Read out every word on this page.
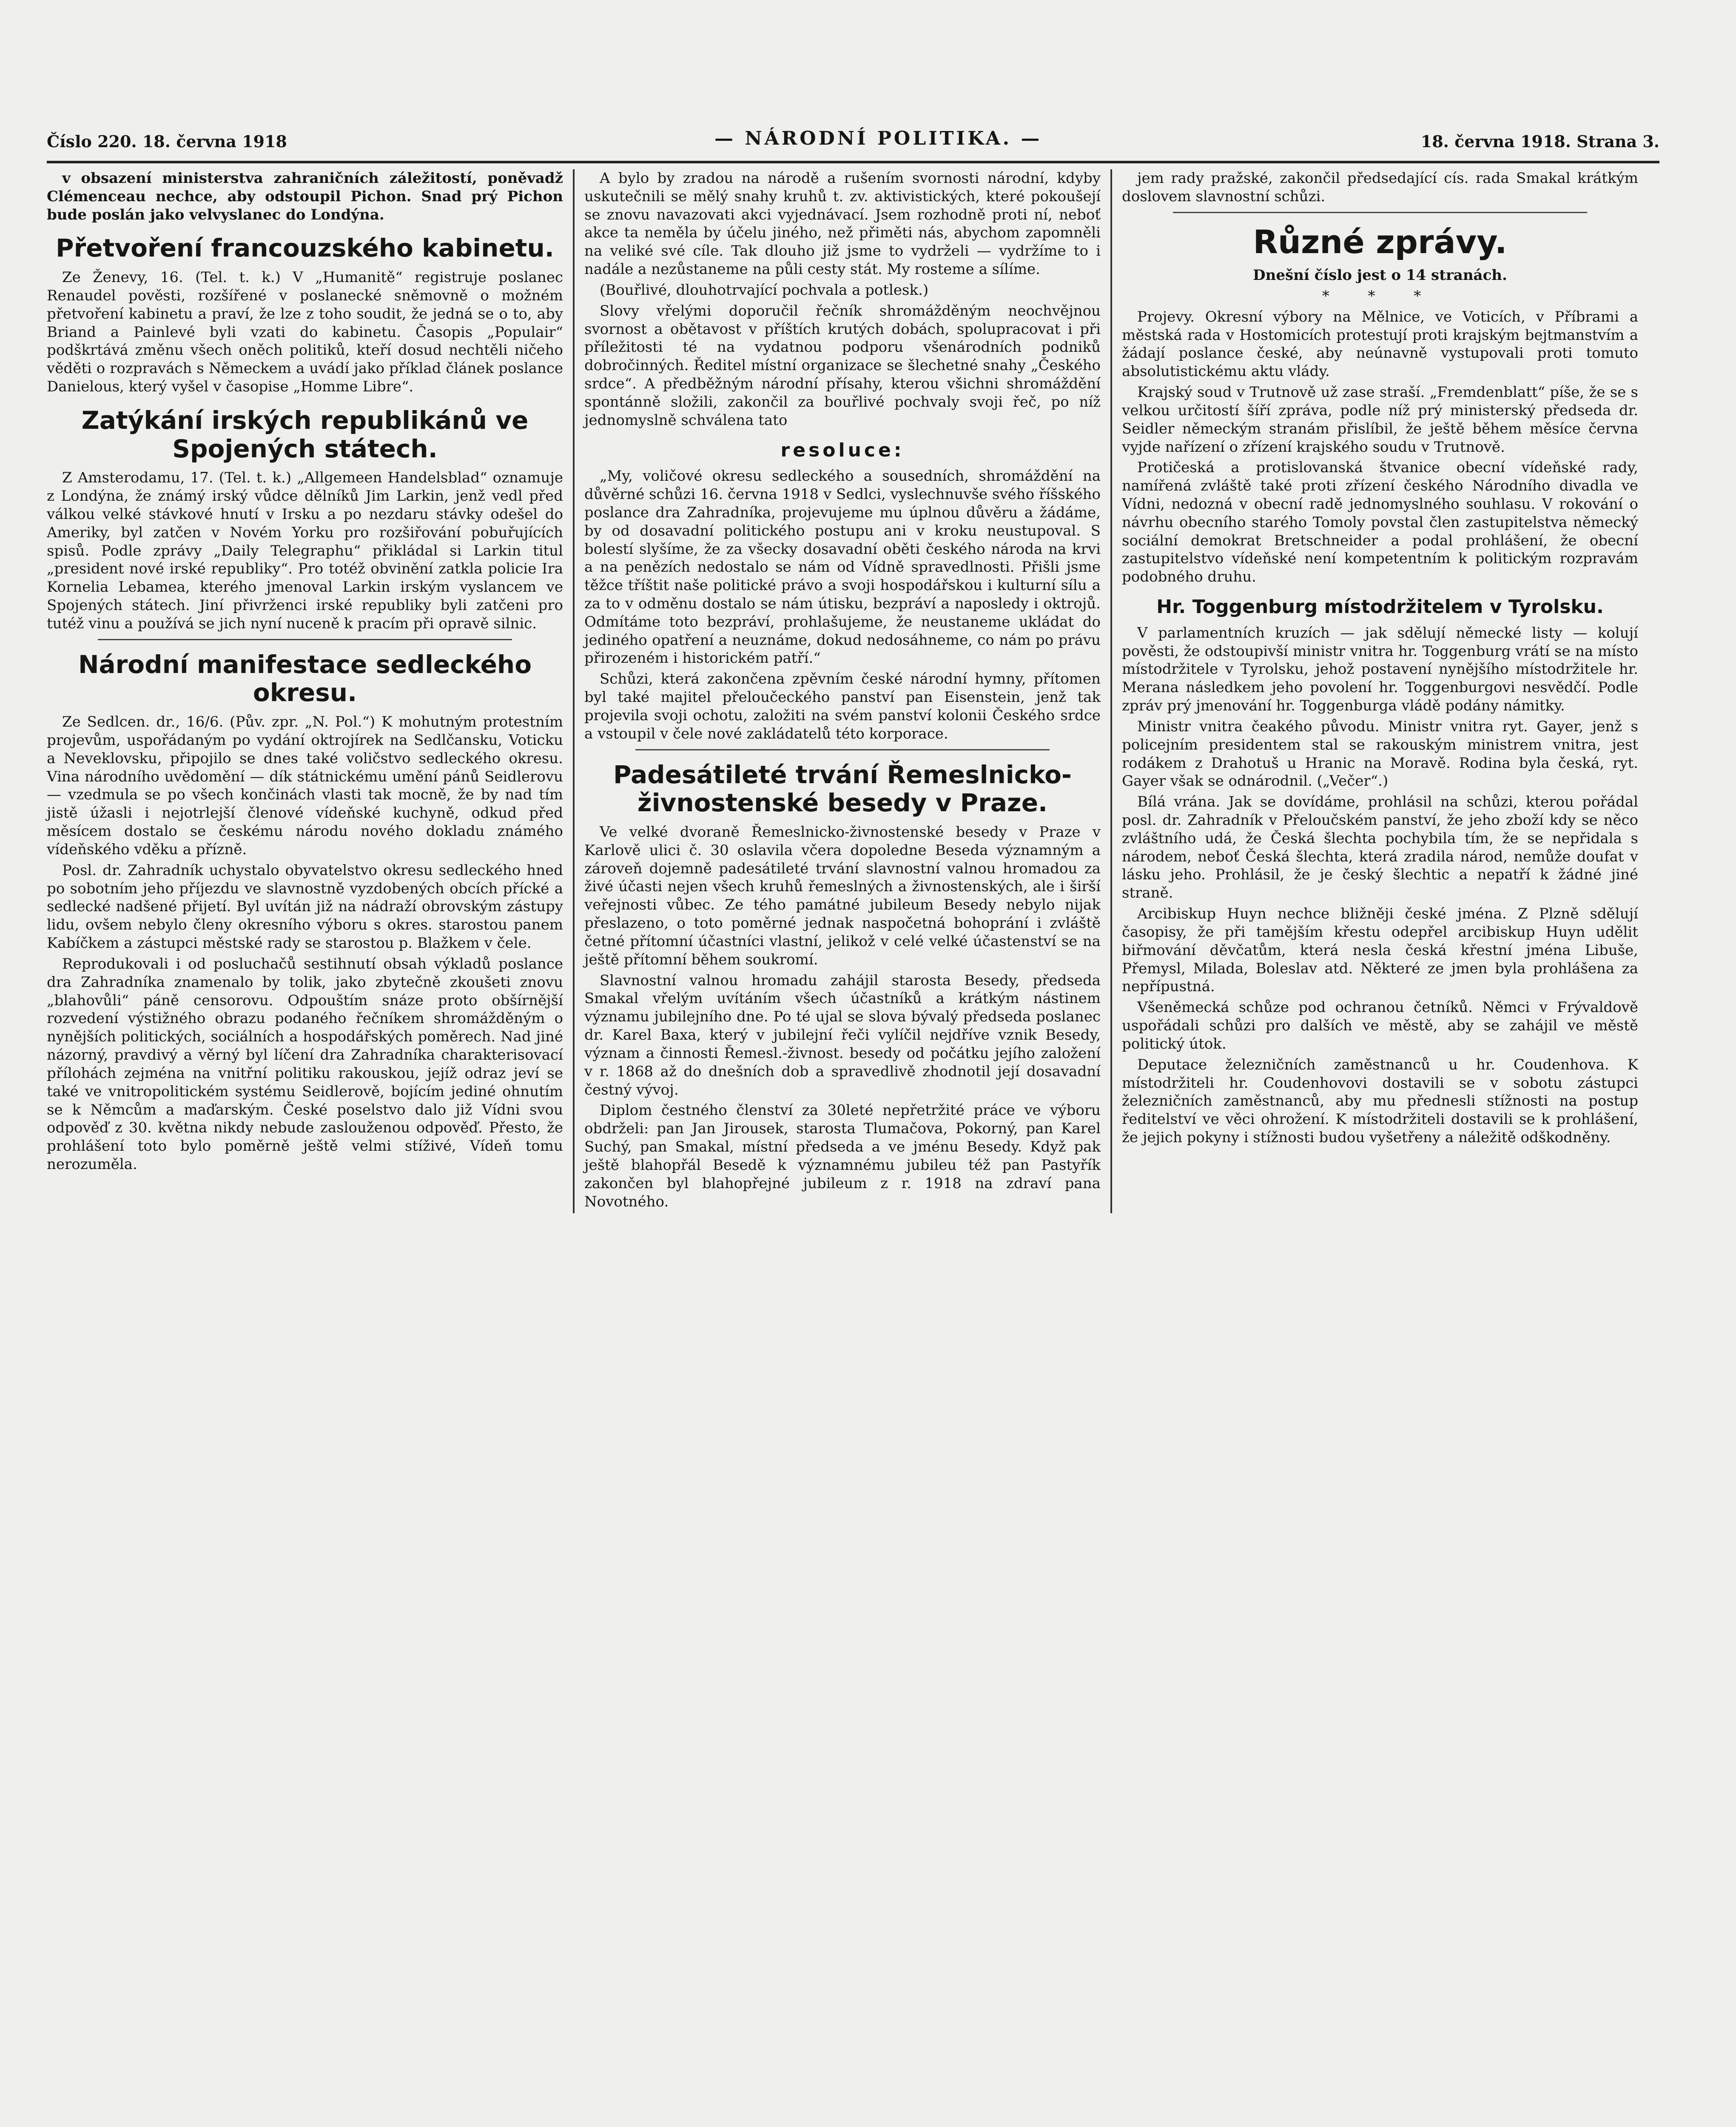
Číslo 220. 18. června 1918	— NÁRODNÍ POLITIKA. —	18. června 1918. Strana 3.

v obsazení ministerstva zahraničních záležitostí, poněvadž Clémenceau nechce, aby odstoupil Pichon. Snad prý Pichon bude poslán jako velvyslanec do Londýna.

Přetvoření francouzského kabinetu.

Ze Ženevy, 16. (Tel. t. k.) V „Humanitě“ registruje poslanec Renaudel pověsti, rozšířené v poslanecké sněmovně o možném přetvoření kabinetu a praví, že lze z toho soudit, že jedná se o to, aby Briand a Painlevé byli vzati do kabinetu. Časopis „Populair“ podškrtává změnu všech oněch politiků, kteří dosud nechtěli ničeho věděti o rozpravách s Německem a uvádí jako příklad článek poslance Danielous, který vyšel v časopise „Homme Libre“.

Zatýkání irských republikánů ve Spojených státech.

Z Amsterodamu, 17. (Tel. t. k.) „Allgemeen Handelsblad“ oznamuje z Londýna, že známý irský vůdce dělníků Jim Larkin, jenž vedl před válkou velké stávkové hnutí v Irsku a po nezdaru stávky odešel do Ameriky, byl zatčen v Novém Yorku pro rozšiřování pobuřujících spisů. Podle zprávy „Daily Telegraphu“ přikládal si Larkin titul „president nové irské republiky“. Pro totéž obvinění zatkla policie Ira Kornelia Lebamea, kterého jmenoval Larkin irským vyslancem ve Spojených státech. Jiní přivrženci irské republiky byli zatčeni pro tutéž vinu a používá se jich nyní nuceně k pracím při opravě silnic.

Národní manifestace sedleckého okresu.

Ze Sedlcen. dr., 16/6. (Pův. zpr. „N. Pol.“) K mohutným protestním projevům, uspořádaným po vydání oktrojírek na Sedlčansku, Voticku a Neveklovsku, připojilo se dnes také voličstvo sedleckého okresu. Vina národního uvědomění — dík státnickému umění pánů Seidlerovu — vzedmula se po všech končinách vlasti tak mocně, že by nad tím jistě úžasli i nejotrlejší členové vídeňské kuchyně, odkud před měsícem dostalo se českému národu nového dokladu známého vídeňského vděku a přízně.

Posl. dr. Zahradník uchystalo obyvatelstvo okresu sedleckého hned po sobotním jeho příjezdu ve slavnostně vyzdobených obcích přícké a sedlecké nadšené přijetí. Byl uvítán již na nádraží obrovským zástupy lidu, ovšem nebylo členy okresního výboru s okres. starostou panem Kabíčkem a zástupci městské rady se starostou p. Blažkem v čele.

Reprodukovali i od posluchačů sestihnutí obsah výkladů poslance dra Zahradníka znamenalo by tolik, jako zbytečně zkoušeti znovu „blahovůli“ páně censorovu. Odpouštím snáze proto obšírnější rozvedení výstižného obrazu podaného řečníkem shromážděným o nynějších politických, sociálních a hospodářských poměrech. Nad jiné názorný, pravdivý a věrný byl líčení dra Zahradníka charakterisovací přílohách zejména na vnitřní politiku rakouskou, jejíž odraz jeví se také ve vnitropolitickém systému Seidlerově, bojícím jediné ohnutím se k Němcům a maďarským. České poselstvo dalo již Vídni svou odpověď z 30. května nikdy nebude zaslouženou odpověď. Přesto, že prohlášení toto bylo poměrně ještě velmi stíživé, Vídeň tomu nerozuměla.

A bylo by zradou na národě a rušením svornosti národní, kdyby uskutečnili se mělý snahy kruhů t. zv. aktivistických, které pokoušejí se znovu navazovati akci vyjednávací. Jsem rozhodně proti ní, neboť akce ta neměla by účelu jiného, než přiměti nás, abychom zapomněli na veliké své cíle. Tak dlouho již jsme to vydrželi — vydržíme to i nadále a nezůstaneme na půli cesty stát. My rosteme a sílíme.

(Bouřlivé, dlouhotrvající pochvala a potlesk.)

Slovy vřelými doporučil řečník shromážděným neochvějnou svornost a obětavost v příštích krutých dobách, spolupracovat i při příležitosti té na vydatnou podporu všenárodních podniků dobročinných. Ředitel místní organizace se šlechetné snahy „Českého srdce“. A předběžným národní přísahy, kterou všichni shromáždění spontánně složili, zakončil za bouřlivé pochvaly svoji řeč, po níž jednomyslně schválena tato

resoluce:

„My, voličové okresu sedleckého a sousedních, shromáždění na důvěrné schůzi 16. června 1918 v Sedlci, vyslechnuvše svého říšského poslance dra Zahradníka, projevujeme mu úplnou důvěru a žádáme, by od dosavadní politického postupu ani v kroku neustupoval. S bolestí slyšíme, že za všecky dosavadní oběti českého národa na krvi a na penězích nedostalo se nám od Vídně spravedlnosti. Přišli jsme těžce tříštit naše politické právo a svoji hospodářskou i kulturní sílu a za to v odměnu dostalo se nám útisku, bezpráví a naposledy i oktrojů. Odmítáme toto bezpráví, prohlašujeme, že neustaneme ukládat do jediného opatření a neuznáme, dokud nedosáhneme, co nám po právu přirozeném i historickém patří.“

Schůzi, která zakončena zpěvním české národní hymny, přítomen byl také majitel přeloučeckého panství pan Eisenstein, jenž tak projevila svoji ochotu, založiti na svém panství kolonii Českého srdce a vstoupil v čele nové zakládatelů této korporace.

Padesátileté trvání Řemeslnicko-živnostenské besedy v Praze.

Ve velké dvoraně Řemeslnicko-živnostenské besedy v Praze v Karlově ulici č. 30 oslavila včera dopoledne Beseda významným a zároveň dojemně padesátileté trvání slavnostní valnou hromadou za živé účasti nejen všech kruhů řemeslných a živnostenských, ale i širší veřejnosti vůbec. Ze tého památné jubileum Besedy nebylo nijak přeslazeno, o toto poměrné jednak naspočetná bohoprání i zvláště četné přítomní účastníci vlastní, jelikož v celé velké účastenství se na ještě přítomní během soukromí.

Slavnostní valnou hromadu zahájil starosta Besedy, předseda Smakal vřelým uvítáním všech účastníků a krátkým nástinem významu jubilejního dne. Po té ujal se slova bývalý předseda poslanec dr. Karel Baxa, který v jubilejní řeči vylíčil nejdříve vznik Besedy, význam a činnosti Řemesl.-živnost. besedy od počátku jejího založení v r. 1868 až do dnešních dob a spravedlivě zhodnotil její dosavadní čestný vývoj.

Diplom čestného členství za 30leté nepřetržité práce ve výboru obdrželi: pan Jan Jirousek, starosta Tlumačova, Pokorný, pan Karel Suchý, pan Smakal, místní předseda a ve jménu Besedy. Když pak ještě blahopřál Besedě k významnému jubileu též pan Pastyřík zakončen byl blahopřejné jubileum z r. 1918 na zdraví pana Novotného.

jem rady pražské, zakončil předsedající cís. rada Smakal krátkým doslovem slavnostní schůzi.

Různé zprávy.
Dnešní číslo jest o 14 stranách.
* * *

Projevy. Okresní výbory na Mělnice, ve Voticích, v Příbrami a městská rada v Hostomicích protestují proti krajským bejtmanstvím a žádají poslance české, aby neúnavně vystupovali proti tomuto absolutistickému aktu vlády.

Krajský soud v Trutnově už zase straší. „Fremdenblatt“ píše, že se s velkou určitostí šíří zpráva, podle níž prý ministerský předseda dr. Seidler německým stranám přislíbil, že ještě během měsíce června vyjde nařízení o zřízení krajského soudu v Trutnově.

Protičeská a protislovanská štvanice obecní vídeňské rady, namířená zvláště také proti zřízení českého Národního divadla ve Vídni, nedozná v obecní radě jednomyslného souhlasu. V rokování o návrhu obecního starého Tomoly povstal člen zastupitelstva německý sociální demokrat Bretschneider a podal prohlášení, že obecní zastupitelstvo vídeňské není kompetentním k politickým rozpravám podobného druhu.

Hr. Toggenburg místodržitelem v Tyrolsku.

V parlamentních kruzích — jak sdělují německé listy — kolují pověsti, že odstoupivší ministr vnitra hr. Toggenburg vrátí se na místo místodržitele v Tyrolsku, jehož postavení nynějšího místodržitele hr. Merana následkem jeho povolení hr. Toggenburgovi nesvědčí. Podle zpráv prý jmenování hr. Toggenburga vládě podány námitky.

Ministr vnitra čeakého původu. Ministr vnitra ryt. Gayer, jenž s policejním presidentem stal se rakouským ministrem vnitra, jest rodákem z Drahotuš u Hranic na Moravě. Rodina byla česká, ryt. Gayer však se odnárodnil. („Večer“.)

Bílá vrána. Jak se dovídáme, prohlásil na schůzi, kterou pořádal posl. dr. Zahradník v Přeloučském panství, že jeho zboží kdy se něco zvláštního udá, že Česká šlechta pochybila tím, že se nepřidala s národem, neboť Česká šlechta, která zradila národ, nemůže doufat v lásku jeho. Prohlásil, že je český šlechtic a nepatří k žádné jiné straně.

Arcibiskup Huyn nechce bližněji české jména. Z Plzně sdělují časopisy, že při tamějším křestu odepřel arcibiskup Huyn udělit biřmování děvčatům, která nesla česká křestní jména Libuše, Přemysl, Milada, Boleslav atd. Některé ze jmen byla prohlášena za nepřípustná.

Všeněmecká schůze pod ochranou četníků. Němci v Frývaldově uspořádali schůzi pro dalších ve městě, aby se zahájil ve městě politický útok.

Deputace železničních zaměstnanců u hr. Coudenhova. K místodržiteli hr. Coudenhovovi dostavili se v sobotu zástupci železničních zaměstnanců, aby mu přednesli stížnosti na postup ředitelství ve věci ohrožení. K místodržiteli dostavili se k prohlášení, že jejich pokyny i stížnosti budou vyšetřeny a náležitě odškodněny.
